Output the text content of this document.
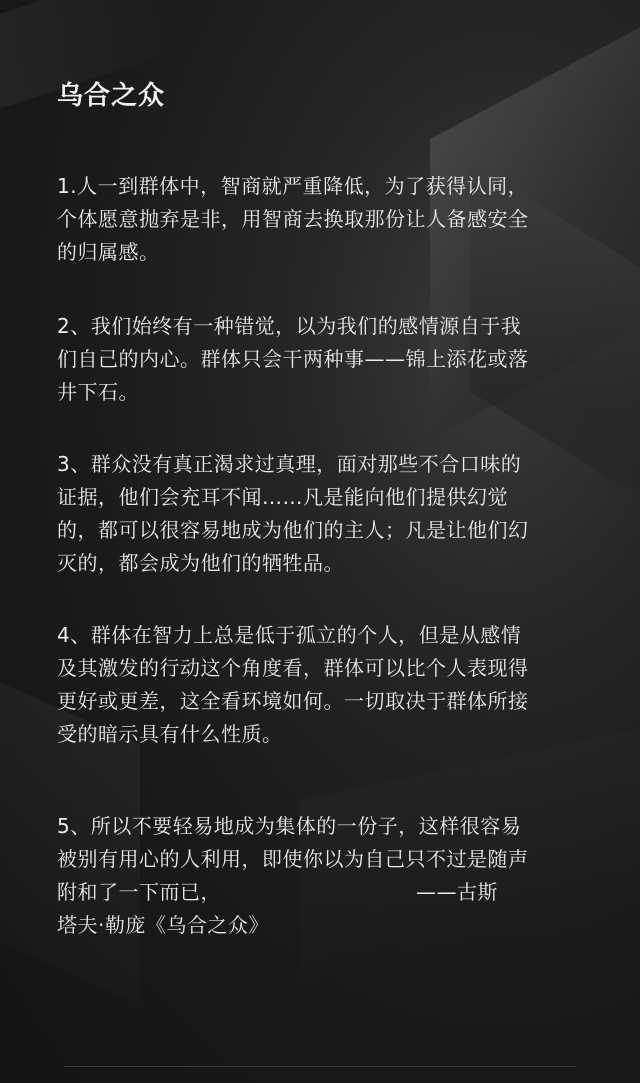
乌合之众
1.人一到群体中，智商就严重降低，为了获得认同，
个体愿意抛弃是非，用智商去换取那份让人备感安全
的归属感。
2、我们始终有一种错觉，以为我们的感情源自于我
们自己的内心。群体只会干两种事——锦上添花或落
井下石。
3、群众没有真正渴求过真理，面对那些不合口味的
证据，他们会充耳不闻……凡是能向他们提供幻觉
的，都可以很容易地成为他们的主人；凡是让他们幻
灭的，都会成为他们的牺牲品。
4、群体在智力上总是低于孤立的个人，但是从感情
及其激发的行动这个角度看，群体可以比个人表现得
更好或更差，这全看环境如何。一切取决于群体所接
受的暗示具有什么性质。
5、所以不要轻易地成为集体的一份子，这样很容易
被别有用心的人利用，即使你以为自己只不过是随声
附和了一下而已，　　　　　　　　　　——古斯
塔夫·勒庞《乌合之众》
